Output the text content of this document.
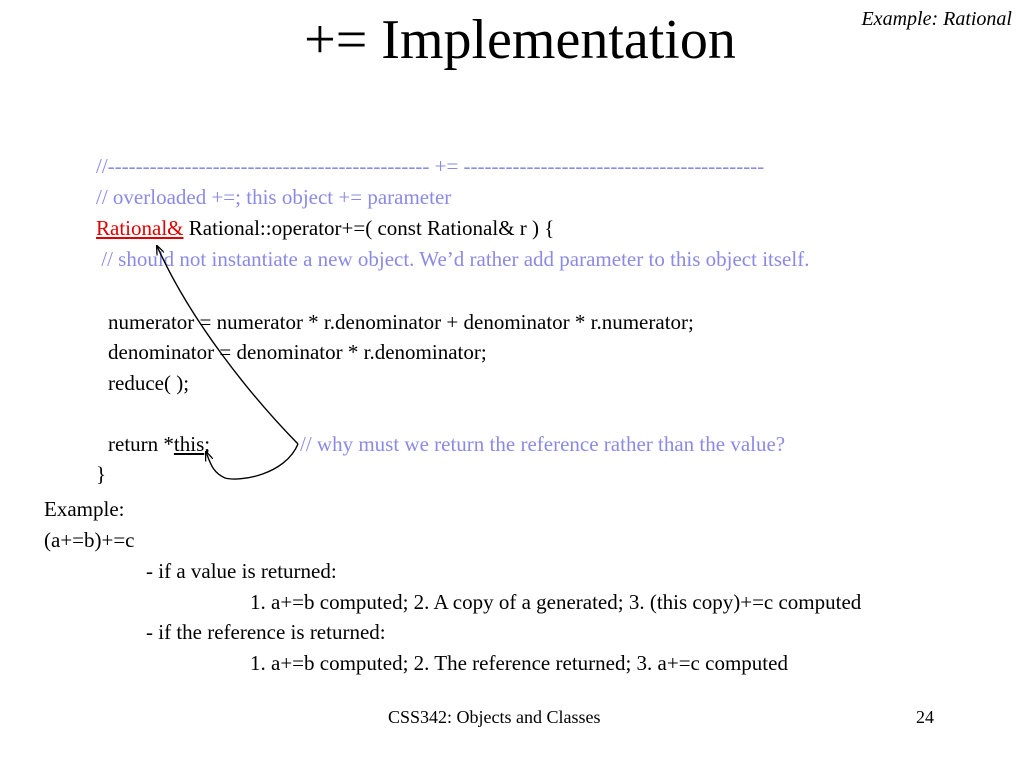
+= Implementation	Example: Rational
//---------------------------------------------- += -------------------------------------------
// overloaded +=; this object += parameter
Rational& Rational::operator+=( const Rational& r ) {
// should not instantiate a new object. We’d rather add parameter to this object itself.
numerator = numerator * r.denominator + denominator * r.numerator;
denominator = denominator * r.denominator;
reduce( );
return *this;	// why must we return the reference rather than the value?
}
Example:
(a+=b)+=c
- if a value is returned:
1. a+=b computed; 2. A copy of a generated; 3. (this copy)+=c computed
- if the reference is returned:
1. a+=b computed; 2. The reference returned; 3. a+=c computed
CSS342: Objects and Classes	24
